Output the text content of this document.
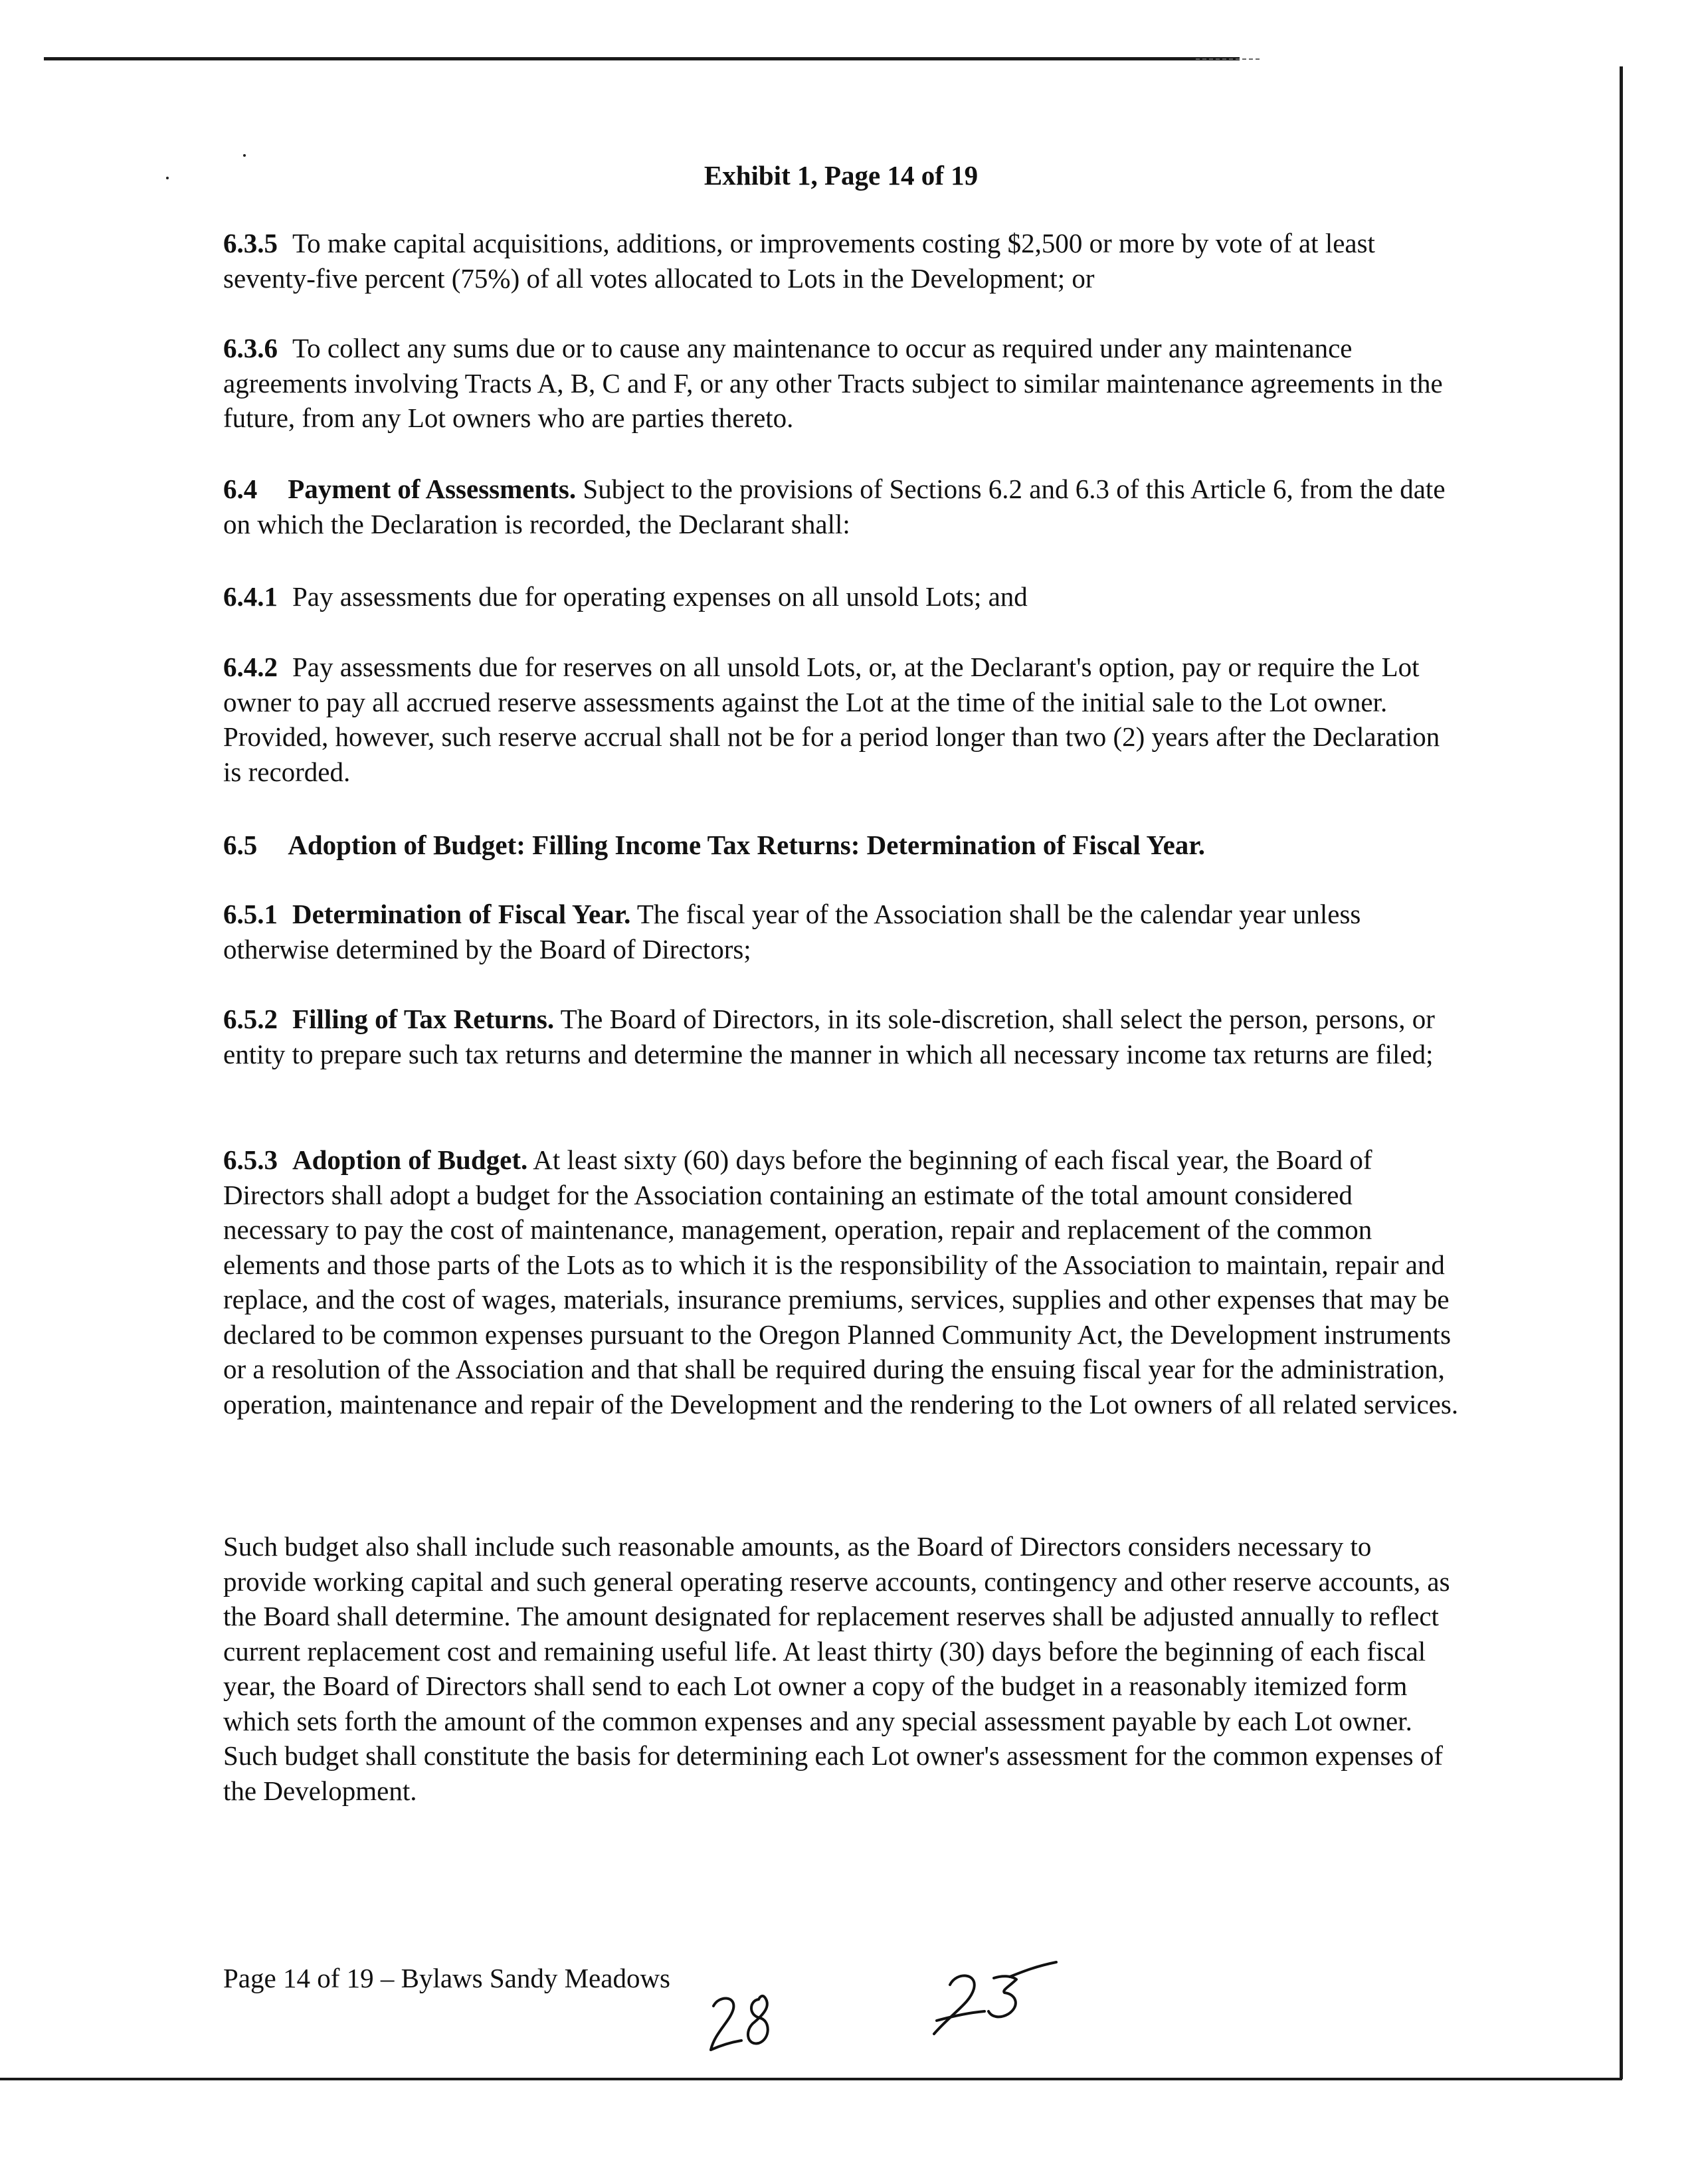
Exhibit 1, Page 14 of 19

6.3.5 To make capital acquisitions, additions, or improvements costing $2,500 or more by vote of at least seventy-five percent (75%) of all votes allocated to Lots in the Development; or

6.3.6 To collect any sums due or to cause any maintenance to occur as required under any maintenance agreements involving Tracts A, B, C and F, or any other Tracts subject to similar maintenance agreements in the future, from any Lot owners who are parties thereto.

6.4 Payment of Assessments. Subject to the provisions of Sections 6.2 and 6.3 of this Article 6, from the date on which the Declaration is recorded, the Declarant shall:

6.4.1 Pay assessments due for operating expenses on all unsold Lots; and

6.4.2 Pay assessments due for reserves on all unsold Lots, or, at the Declarant's option, pay or require the Lot owner to pay all accrued reserve assessments against the Lot at the time of the initial sale to the Lot owner. Provided, however, such reserve accrual shall not be for a period longer than two (2) years after the Declaration is recorded.

6.5 Adoption of Budget: Filling Income Tax Returns: Determination of Fiscal Year.

6.5.1 Determination of Fiscal Year. The fiscal year of the Association shall be the calendar year unless otherwise determined by the Board of Directors;

6.5.2 Filling of Tax Returns. The Board of Directors, in its sole-discretion, shall select the person, persons, or entity to prepare such tax returns and determine the manner in which all necessary income tax returns are filed;

6.5.3 Adoption of Budget. At least sixty (60) days before the beginning of each fiscal year, the Board of Directors shall adopt a budget for the Association containing an estimate of the total amount considered necessary to pay the cost of maintenance, management, operation, repair and replacement of the common elements and those parts of the Lots as to which it is the responsibility of the Association to maintain, repair and replace, and the cost of wages, materials, insurance premiums, services, supplies and other expenses that may be declared to be common expenses pursuant to the Oregon Planned Community Act, the Development instruments or a resolution of the Association and that shall be required during the ensuing fiscal year for the administration, operation, maintenance and repair of the Development and the rendering to the Lot owners of all related services.

Such budget also shall include such reasonable amounts, as the Board of Directors considers necessary to provide working capital and such general operating reserve accounts, contingency and other reserve accounts, as the Board shall determine. The amount designated for replacement reserves shall be adjusted annually to reflect current replacement cost and remaining useful life. At least thirty (30) days before the beginning of each fiscal year, the Board of Directors shall send to each Lot owner a copy of the budget in a reasonably itemized form which sets forth the amount of the common expenses and any special assessment payable by each Lot owner. Such budget shall constitute the basis for determining each Lot owner's assessment for the common expenses of the Development.

Page 14 of 19 – Bylaws Sandy Meadows	28
23
